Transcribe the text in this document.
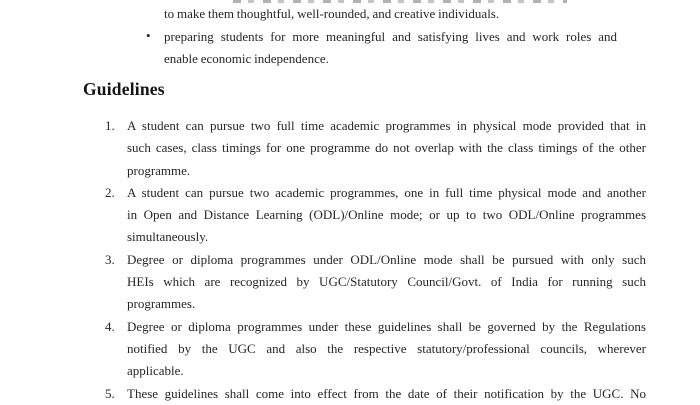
to make them thoughtful, well-rounded, and creative individuals.
• preparing students for more meaningful and satisfying lives and work roles and
enable economic independence.
Guidelines
1. A student can pursue two full time academic programmes in physical mode provided that in
such cases, class timings for one programme do not overlap with the class timings of the other
programme.
2. A student can pursue two academic programmes, one in full time physical mode and another
in Open and Distance Learning (ODL)/Online mode; or up to two ODL/Online programmes
simultaneously.
3. Degree or diploma programmes under ODL/Online mode shall be pursued with only such
HEIs which are recognized by UGC/Statutory Council/Govt. of India for running such
programmes.
4. Degree or diploma programmes under these guidelines shall be governed by the Regulations
notified by the UGC and also the respective statutory/professional councils, wherever
applicable.
5. These guidelines shall come into effect from the date of their notification by the UGC. No
